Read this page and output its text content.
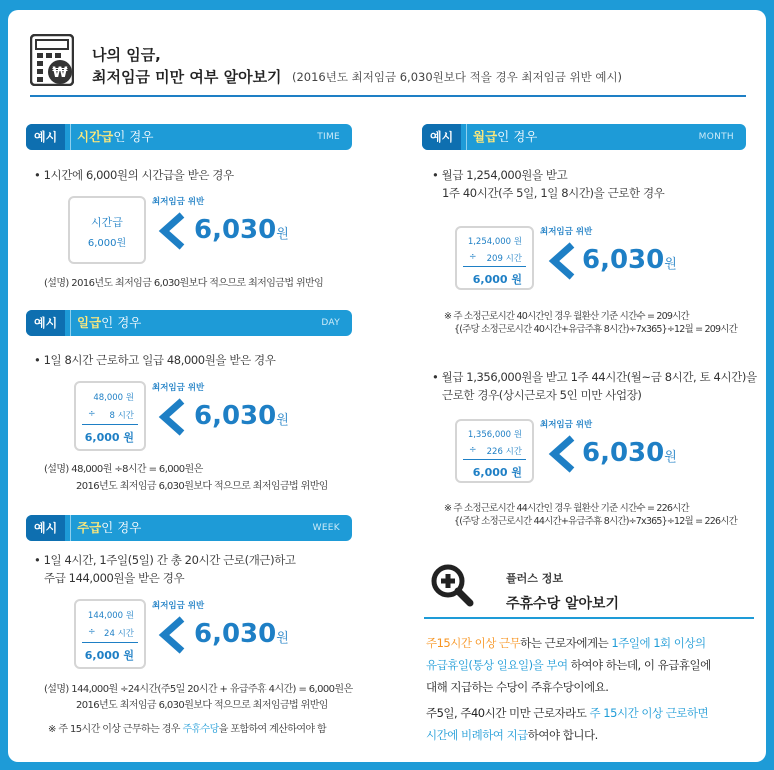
₩
나의 임금,
최저임금 미만 여부 알아보기 (2016년도 최저임금 6,030원보다 적을 경우 최저임금 위반 예시)
예시	시간급인 경우	TIME
• 1시간에 6,000원의 시간급을 받은 경우
시간급
6,000원
최저임금 위반
6,030원
(설명) 2016년도 최저임금 6,030원보다 적으므로 최저임금법 위반임
예시	일급인 경우	DAY
• 1일 8시간 근로하고 일급 48,000원을 받은 경우
48,000 원
÷ 8 시간
6,000 원
최저임금 위반
6,030원
(설명) 48,000원 ÷8시간 = 6,000원은
2016년도 최저임금 6,030원보다 적으므로 최저임금법 위반임
예시	주급인 경우	WEEK
• 1일 4시간, 1주일(5일) 간 총 20시간 근로(개근)하고
주급 144,000원을 받은 경우
144,000 원
÷ 24 시간
6,000 원
최저임금 위반
6,030원
(설명) 144,000원 ÷24시간(주5일 20시간 + 유급주휴 4시간) = 6,000원은
2016년도 최저임금 6,030원보다 적으므로 최저임금법 위반임
※ 주 15시간 이상 근무하는 경우 주휴수당을 포함하여 계산하여야 함
예시	월급인 경우	MONTH
• 월급 1,254,000원을 받고
1주 40시간(주 5일, 1일 8시간)을 근로한 경우
1,254,000 원
÷ 209 시간
6,000 원
최저임금 위반
6,030원
※ 주 소정근로시간 40시간인 경우 월환산 기준 시간수 = 209시간
{(주당 소정근로시간 40시간+유급주휴 8시간)÷7x365}÷12월 = 209시간
• 월급 1,356,000원을 받고 1주 44시간(월~금 8시간, 토 4시간)을
근로한 경우(상시근로자 5인 미만 사업장)
1,356,000 원
÷ 226 시간
6,000 원
최저임금 위반
6,030원
※ 주 소정근로시간 44시간인 경우 월환산 기준 시간수 = 226시간
{(주당 소정근로시간 44시간+유급주휴 8시간)÷7x365}÷12월 = 226시간
플러스 정보
주휴수당 알아보기
주15시간 이상 근무하는 근로자에게는 1주일에 1회 이상의
유급휴일(통상 일요일)을 부여 하여야 하는데, 이 유급휴일에
대해 지급하는 수당이 주휴수당이에요.
주5일, 주40시간 미만 근로자라도 주 15시간 이상 근로하면
시간에 비례하여 지급하여야 합니다.
